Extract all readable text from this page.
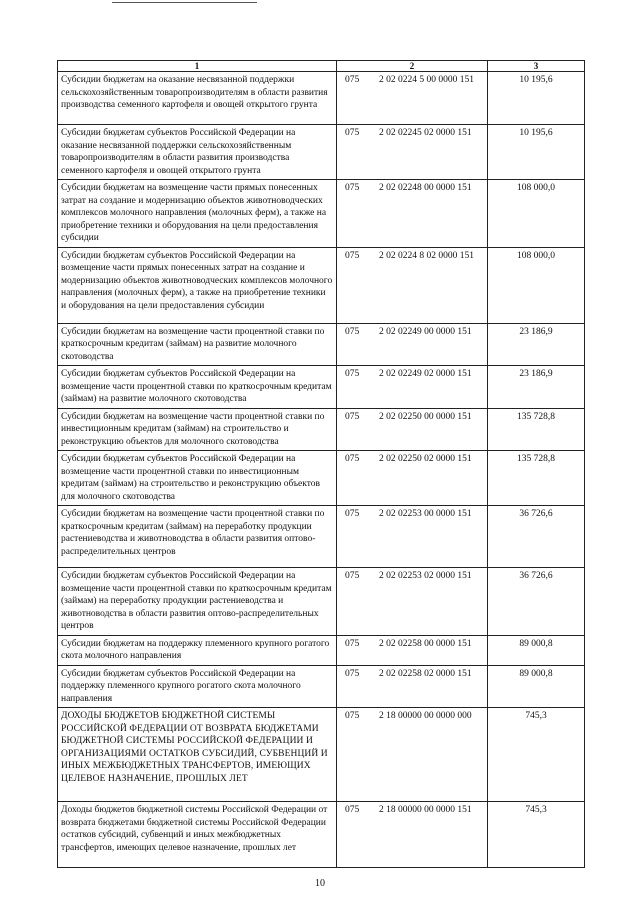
1	2	3
Субсидии бюджетам на оказание несвязанной поддержки сельскохозяйственным товаропроизводителям в области развития производства семенного картофеля и овощей открытого грунта	075 2 02 0224 5 00 0000 151	10 195,6
Субсидии бюджетам субъектов Российской Федерации на оказание несвязанной поддержки сельскохозяйственным товаропроизводителям в области развития производства семенного картофеля и овощей открытого грунта	075 2 02 02245 02 0000 151	10 195,6
Субсидии бюджетам на возмещение части прямых понесенных затрат на создание и модернизацию объектов животноводческих комплексов молочного направления (молочных ферм), а также на приобретение техники и оборудования на цели предоставления субсидии	075 2 02 02248 00 0000 151	108 000,0
Субсидии бюджетам субъектов Российской Федерации на возмещение части прямых понесенных затрат на создание и модернизацию объектов животноводческих комплексов молочного направления (молочных ферм), а также на приобретение техники и оборудования на цели предоставления субсидии	075 2 02 0224 8 02 0000 151	108 000,0
Субсидии бюджетам на возмещение части процентной ставки по краткосрочным кредитам (займам) на развитие молочного скотоводства	075 2 02 02249 00 0000 151	23 186,9
Субсидии бюджетам субъектов Российской Федерации на возмещение части процентной ставки по краткосрочным кредитам (займам) на развитие молочного скотоводства	075 2 02 02249 02 0000 151	23 186,9
Субсидии бюджетам на возмещение части процентной ставки по инвестиционным кредитам (займам) на строительство и реконструкцию объектов для молочного скотоводства	075 2 02 02250 00 0000 151	135 728,8
Субсидии бюджетам субъектов Российской Федерации на возмещение части процентной ставки по инвестиционным кредитам (займам) на строительство и реконструкцию объектов для молочного скотоводства	075 2 02 02250 02 0000 151	135 728,8
Субсидии бюджетам на возмещение части процентной ставки по краткосрочным кредитам (займам) на переработку продукции растениеводства и животноводства в области развития оптово-распределительных центров	075 2 02 02253 00 0000 151	36 726,6
Субсидии бюджетам субъектов Российской Федерации на возмещение части процентной ставки по краткосрочным кредитам (займам) на переработку продукции растениеводства и животноводства в области развития оптово-распределительных центров	075 2 02 02253 02 0000 151	36 726,6
Субсидии бюджетам на поддержку племенного крупного рогатого скота молочного направления	075 2 02 02258 00 0000 151	89 000,8
Субсидии бюджетам субъектов Российской Федерации на поддержку племенного крупного рогатого скота молочного направления	075 2 02 02258 02 0000 151	89 000,8
ДОХОДЫ БЮДЖЕТОВ БЮДЖЕТНОЙ СИСТЕМЫ РОССИЙСКОЙ ФЕДЕРАЦИИ ОТ ВОЗВРАТА БЮДЖЕТАМИ БЮДЖЕТНОЙ СИСТЕМЫ РОССИЙСКОЙ ФЕДЕРАЦИИ И ОРГАНИЗАЦИЯМИ ОСТАТКОВ СУБСИДИЙ, СУБВЕНЦИЙ И ИНЫХ МЕЖБЮДЖЕТНЫХ ТРАНСФЕРТОВ, ИМЕЮЩИХ ЦЕЛЕВОЕ НАЗНАЧЕНИЕ, ПРОШЛЫХ ЛЕТ	075 2 18 00000 00 0000 000	745,3
Доходы бюджетов бюджетной системы Российской Федерации от возврата бюджетами бюджетной системы Российской Федерации остатков субсидий, субвенций и иных межбюджетных трансфертов, имеющих целевое назначение, прошлых лет	075 2 18 00000 00 0000 151	745,3
10
